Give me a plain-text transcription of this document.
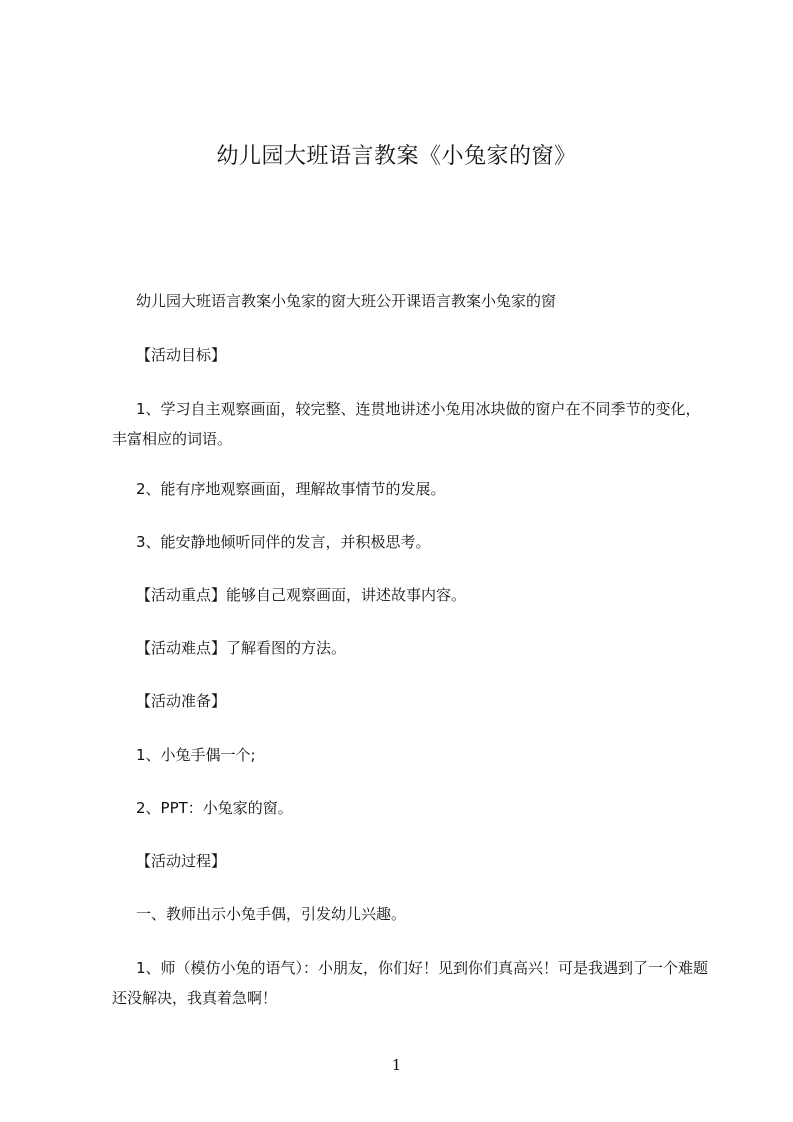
幼儿园大班语言教案《小兔家的窗》
幼儿园大班语言教案小兔家的窗大班公开课语言教案小兔家的窗
【活动目标】
1、学习自主观察画面，较完整、连贯地讲述小兔用冰块做的窗户在不同季节的变化，丰富相应的词语。
2、能有序地观察画面，理解故事情节的发展。
3、能安静地倾听同伴的发言，并积极思考。
【活动重点】能够自己观察画面，讲述故事内容。
【活动难点】了解看图的方法。
【活动准备】
1、小兔手偶一个;
2、PPT：小兔家的窗。
【活动过程】
一、教师出示小兔手偶，引发幼儿兴趣。
1、师（模仿小兔的语气）：小朋友，你们好！见到你们真高兴！可是我遇到了一个难题还没解决，我真着急啊！
1
